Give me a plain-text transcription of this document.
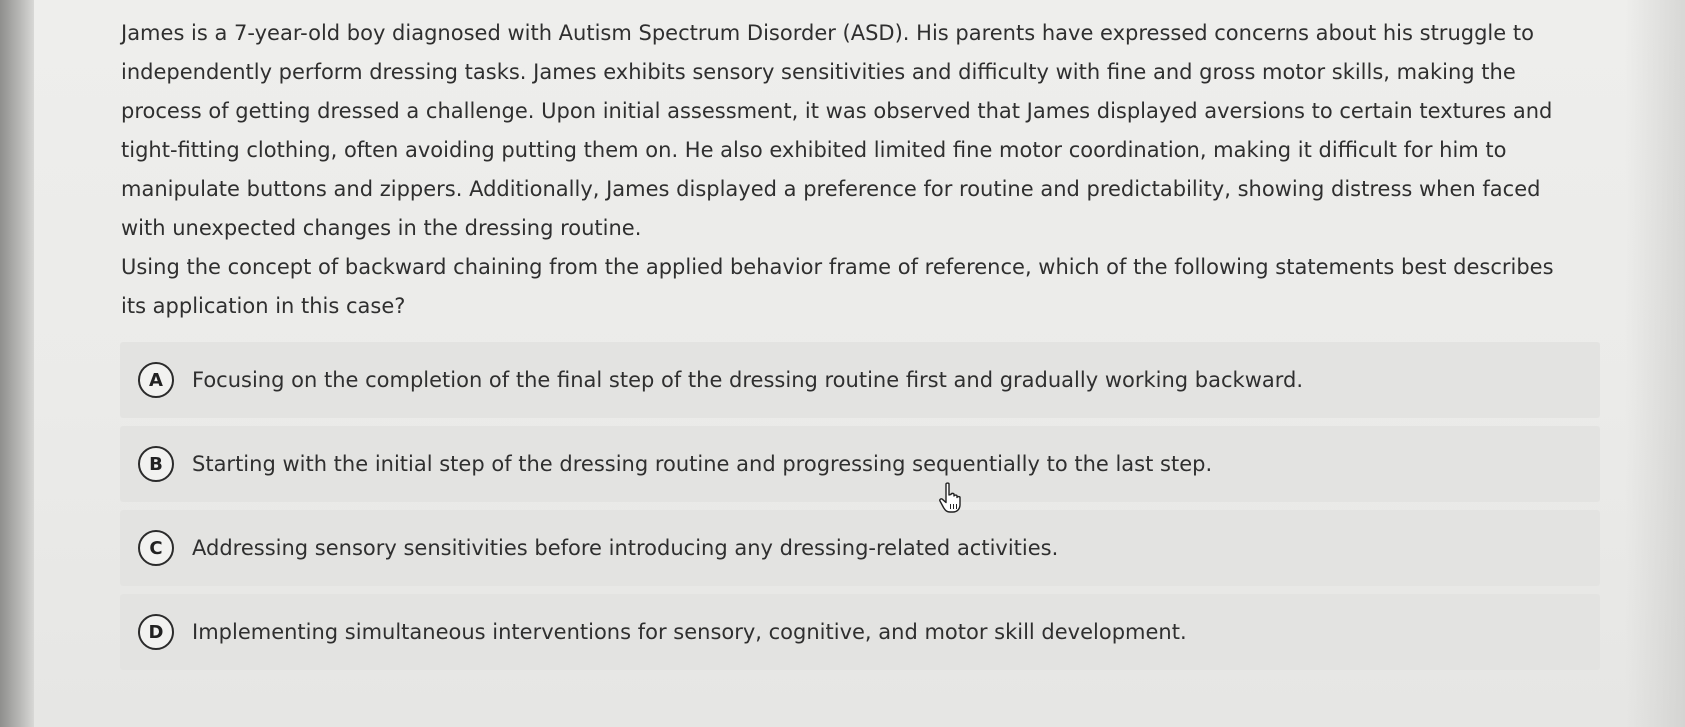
James is a 7-year-old boy diagnosed with Autism Spectrum Disorder (ASD). His parents have expressed concerns about his struggle to independently perform dressing tasks. James exhibits sensory sensitivities and difficulty with fine and gross motor skills, making the process of getting dressed a challenge. Upon initial assessment, it was observed that James displayed aversions to certain textures and tight-fitting clothing, often avoiding putting them on. He also exhibited limited fine motor coordination, making it difficult for him to manipulate buttons and zippers. Additionally, James displayed a preference for routine and predictability, showing distress when faced with unexpected changes in the dressing routine.

Using the concept of backward chaining from the applied behavior frame of reference, which of the following statements best describes its application in this case?

A	Focusing on the completion of the final step of the dressing routine first and gradually working backward.
B	Starting with the initial step of the dressing routine and progressing sequentially to the last step.
C	Addressing sensory sensitivities before introducing any dressing-related activities.
D	Implementing simultaneous interventions for sensory, cognitive, and motor skill development.
